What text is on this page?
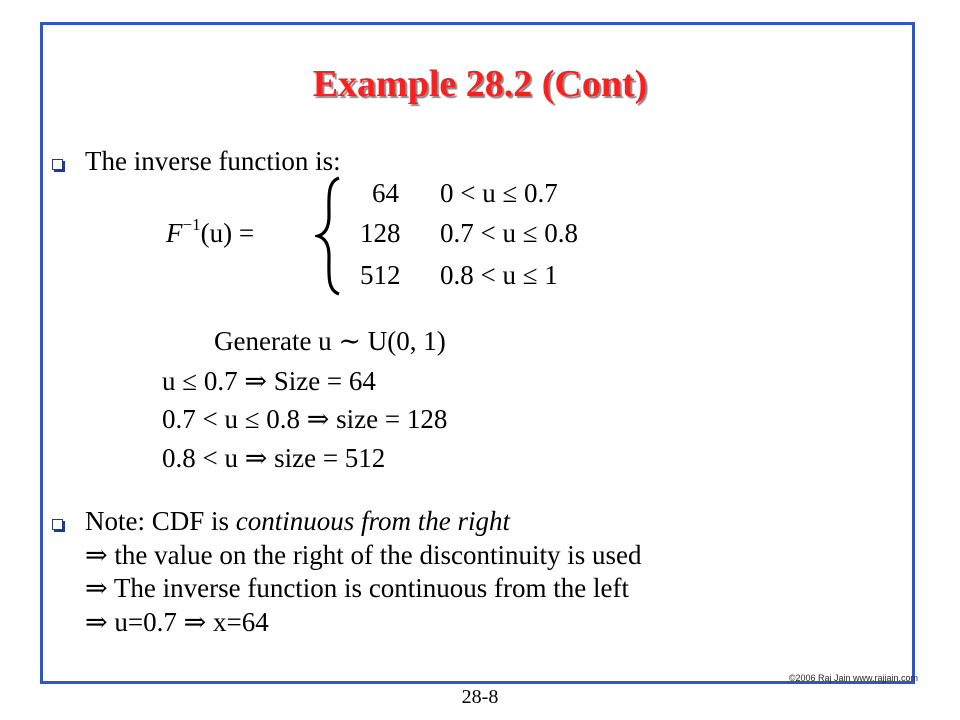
Example 28.2 (Cont)
The inverse function is:
$F^{-1}(u)$ =
64 0 < u ≤ 0.7
128 0.7 < u ≤ 0.8
512 0.8 < u ≤ 1
Generate u ∼ U(0, 1)
u ≤ 0.7 ⇒ Size = 64
0.7 < u ≤ 0.8 ⇒ size = 128
0.8 < u ⇒ size = 512
Note: CDF is continuous from the right
⇒ the value on the right of the discontinuity is used
⇒ The inverse function is continuous from the left
⇒ u=0.7 ⇒ x=64
©2006 Raj Jain www.rajjain.com
28-8
